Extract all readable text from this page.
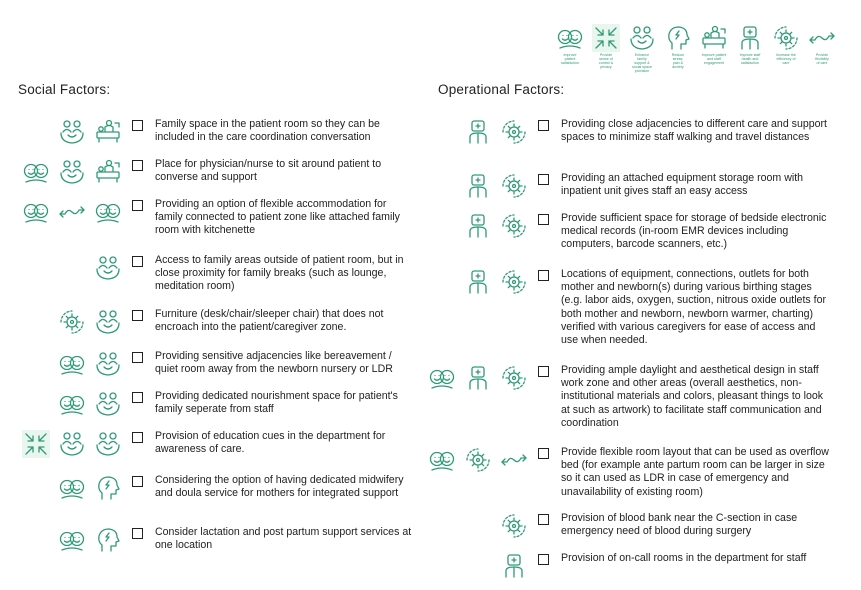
Improve
patient
satisfaction
Provide
sense of
control &
privacy
Enhance
family
support &
social space
provision
Reduce
stress,
pain &
anxiety
Improve patient
and staff
engagement
Improve staff
health and
satisfaction
Increase the
efficiency of
care
Provide
flexibility
of care
Social Factors:
Family space in the patient room so they can be included in the care coordination conversation
Place for physician/nurse to sit around patient to converse and support
Providing an option of flexible accommodation for family connected to patient zone like attached family room with kitchenette
Access to family areas outside of patient room, but in close proximity for family breaks (such as lounge, meditation room)
Furniture (desk/chair/sleeper chair) that does not encroach into the patient/caregiver zone.
Providing sensitive adjacencies like bereavement / quiet room away from the newborn nursery or LDR
Providing dedicated nourishment space for patient's family seperate from staff
Provision of education cues in the department for awareness of care.
Considering the option of having dedicated midwifery and doula service for mothers for integrated support
Consider lactation and post partum support services at one location
Operational Factors:
Providing close adjacencies to different care and support spaces to minimize staff walking and travel distances
Providing an attached equipment storage room with inpatient unit gives staff an easy access
Provide sufficient space for storage of bedside electronic medical records (in-room EMR devices including computers, barcode scanners, etc.)
Locations of equipment, connections, outlets for both mother and newborn(s) during various birthing stages (e.g. labor aids, oxygen, suction, nitrous oxide outlets for both mother and newborn, newborn warmer, charting) verified with various caregivers for ease of access and use when needed.
Providing ample daylight and aesthetical design in staff work zone and other areas (overall aesthetics, non-institutional materials and colors, pleasant things to look at such as artwork) to facilitate staff communication and coordination
Provide flexible room layout that can be used as overflow bed (for example ante partum room can be larger in size so it can used as LDR in case of emergency and unavailability of existing room)
Provision of blood bank near the C-section in case emergency need of blood during surgery
Provision of on-call rooms in the department for staff
